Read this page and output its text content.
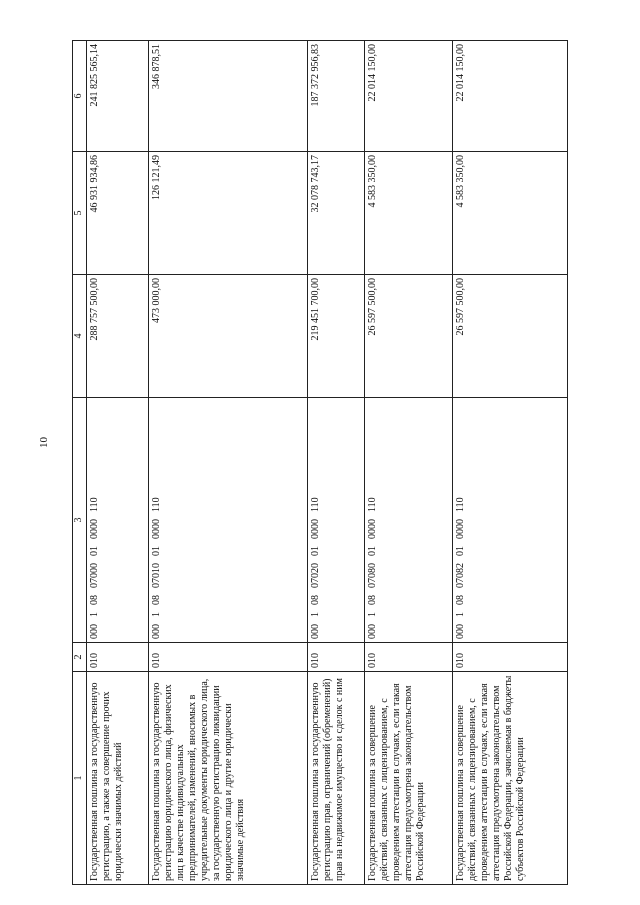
10
1	2	3	4	5	6
Государственная пошлина за государственную регистрацию, а также за совершение прочих юридически значимых действий	010	00010807000010000110	288 757 500,00	46 931 934,86	241 825 565,14
Государственная пошлина за государственную регистрацию юридического лица, физических лиц в качестве индивидуальных предпринимателей, изменений, вносимых в учредительные документы юридического лица, за государственную регистрацию ликвидации юридического лица и другие юридически значимые действия	010	00010807010010000110	473 000,00	126 121,49	346 878,51
Государственная пошлина за государственную регистрацию прав, ограничений (обременений) прав на недвижимое имущество и сделок с ним	010	00010807020010000110	219 451 700,00	32 078 743,17	187 372 956,83
Государственная пошлина за совершение действий, связанных с лицензированием, с проведением аттестации в случаях, если такая аттестация предусмотрена законодательством Российской Федерации	010	00010807080010000110	26 597 500,00	4 583 350,00	22 014 150,00
Государственная пошлина за совершение действий, связанных с лицензированием, с проведением аттестации в случаях, если такая аттестация предусмотрена законодательством Российской Федерации, зачисляемая в бюджеты субъектов Российской Федерации	010	00010807082010000110	26 597 500,00	4 583 350,00	22 014 150,00
